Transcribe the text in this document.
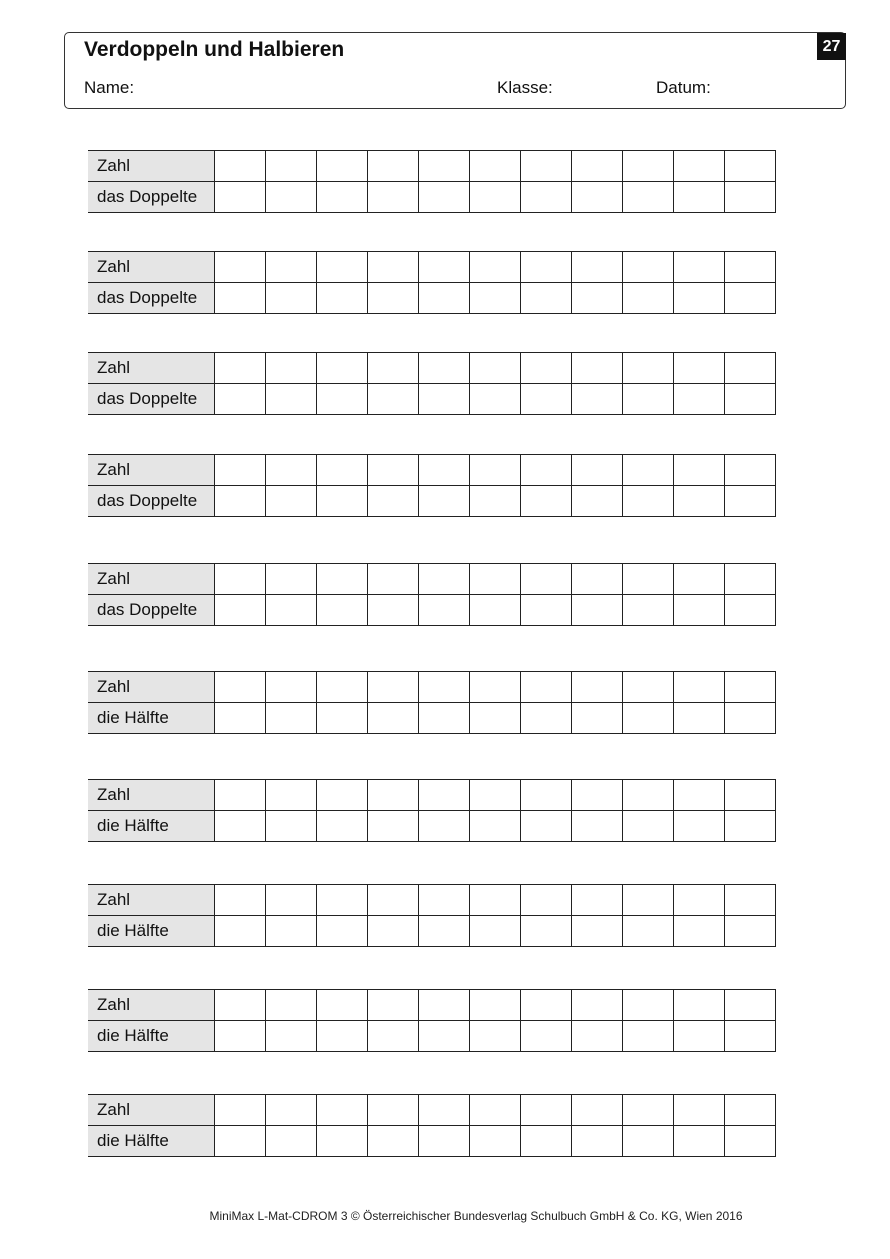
Verdoppeln und Halbieren
Name:	Klasse:	Datum:
27
Zahl
das Doppelte
Zahl
das Doppelte
Zahl
das Doppelte
Zahl
das Doppelte
Zahl
das Doppelte
Zahl
die Hälfte
Zahl
die Hälfte
Zahl
die Hälfte
Zahl
die Hälfte
Zahl
die Hälfte
MiniMax L-Mat-CDROM 3 © Österreichischer Bundesverlag Schulbuch GmbH & Co. KG, Wien 2016
